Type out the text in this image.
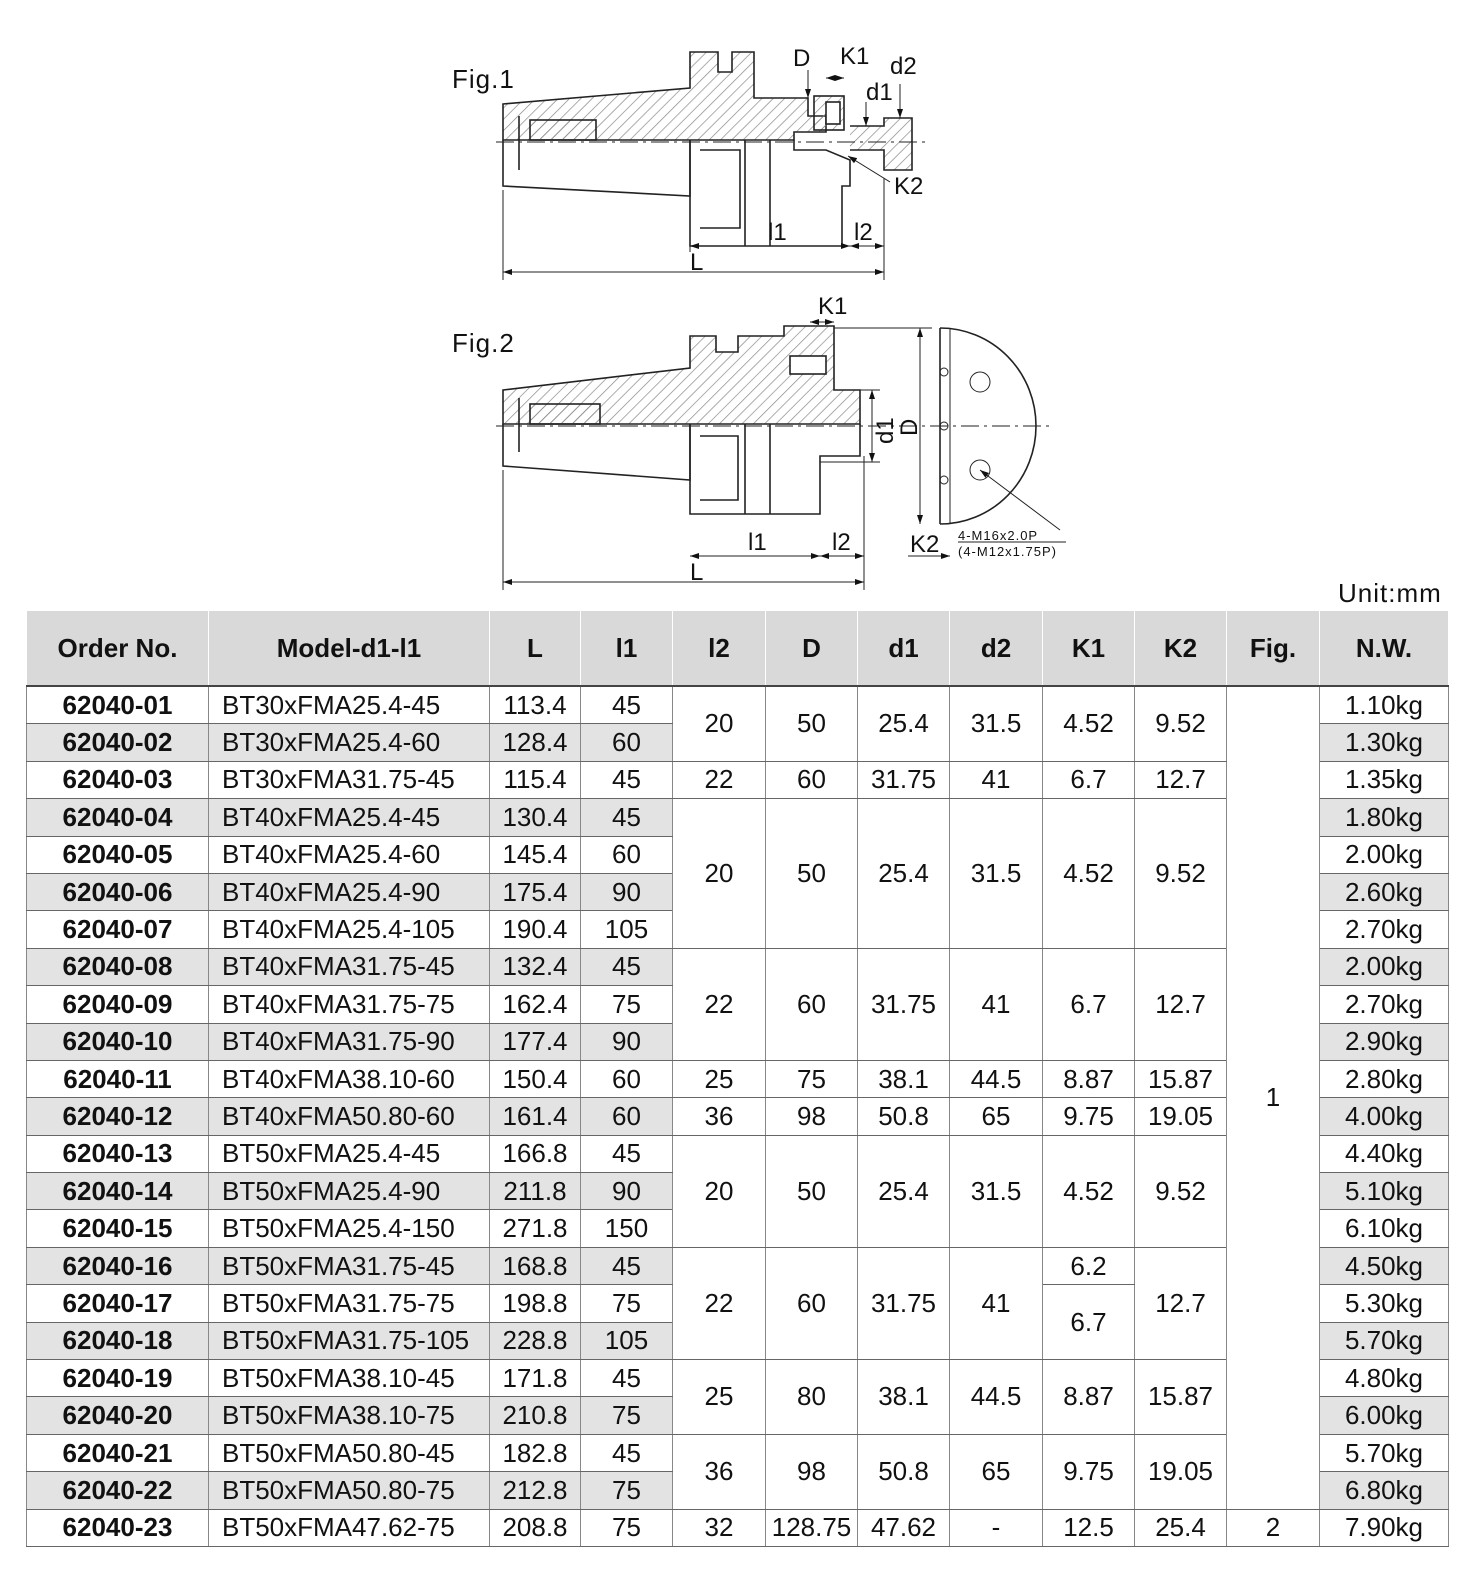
Fig.1
Fig.2
D K1 d2
d1
K2
l1	l2
L
K1
d1
D
K2 4-M16x2.0P
(4-M12x1.75P)
l1	l2
L
Unit:mm
Order No.	Model-d1-l1	L	l1	l2	D	d1	d2	K1	K2	Fig.	N.W.
62040-01	BT30xFMA25.4-45	113.4	45	20	50	25.4	31.5	4.52	9.52	1	1.10kg
62040-02	BT30xFMA25.4-60	128.4	60								1.30kg
62040-03	BT30xFMA31.75-45	115.4	45	22	60	31.75	41	6.7	12.7		1.35kg
62040-04	BT40xFMA25.4-45	130.4	45	20	50	25.4	31.5	4.52	9.52		1.80kg
62040-05	BT40xFMA25.4-60	145.4	60								2.00kg
62040-06	BT40xFMA25.4-90	175.4	90								2.60kg
62040-07	BT40xFMA25.4-105	190.4	105								2.70kg
62040-08	BT40xFMA31.75-45	132.4	45	22	60	31.75	41	6.7	12.7		2.00kg
62040-09	BT40xFMA31.75-75	162.4	75								2.70kg
62040-10	BT40xFMA31.75-90	177.4	90								2.90kg
62040-11	BT40xFMA38.10-60	150.4	60	25	75	38.1	44.5	8.87	15.87		2.80kg
62040-12	BT40xFMA50.80-60	161.4	60	36	98	50.8	65	9.75	19.05		4.00kg
62040-13	BT50xFMA25.4-45	166.8	45	20	50	25.4	31.5	4.52	9.52		4.40kg
62040-14	BT50xFMA25.4-90	211.8	90								5.10kg
62040-15	BT50xFMA25.4-150	271.8	150								6.10kg
62040-16	BT50xFMA31.75-45	168.8	45	22	60	31.75	41	6.2	12.7		4.50kg
62040-17	BT50xFMA31.75-75	198.8	75					6.7			5.30kg
62040-18	BT50xFMA31.75-105	228.8	105								5.70kg
62040-19	BT50xFMA38.10-45	171.8	45	25	80	38.1	44.5	8.87	15.87		4.80kg
62040-20	BT50xFMA38.10-75	210.8	75								6.00kg
62040-21	BT50xFMA50.80-45	182.8	45	36	98	50.8	65	9.75	19.05		5.70kg
62040-22	BT50xFMA50.80-75	212.8	75								6.80kg
62040-23	BT50xFMA47.62-75	208.8	75	32	128.75	47.62	-	12.5	25.4	2	7.90kg
